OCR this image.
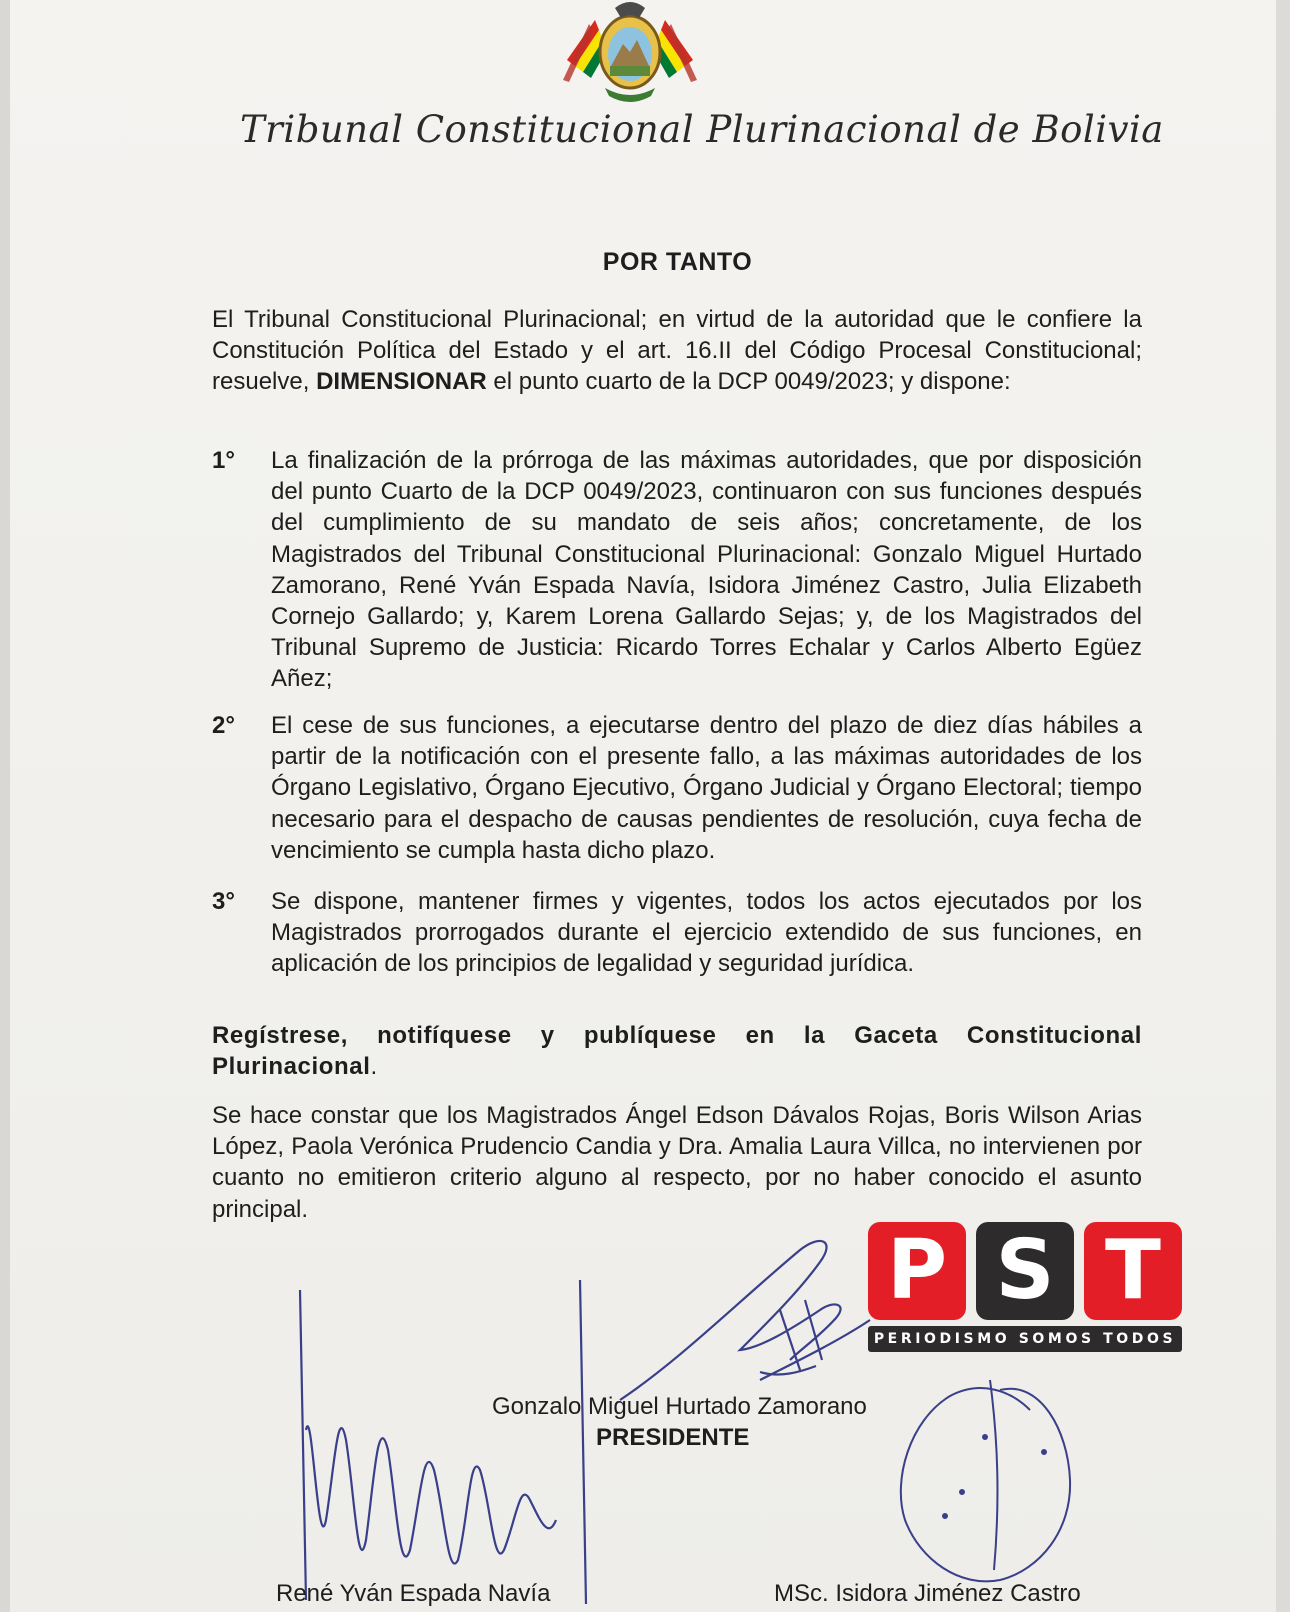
Tribunal Constitucional Plurinacional de Bolivia
POR TANTO
El Tribunal Constitucional Plurinacional; en virtud de la autoridad que le confiere la Constitución Política del Estado y el art. 16.II del Código Procesal Constitucional; resuelve, DIMENSIONAR el punto cuarto de la DCP 0049/2023; y dispone:
1°	La finalización de la prórroga de las máximas autoridades, que por disposición del punto Cuarto de la DCP 0049/2023, continuaron con sus funciones después del cumplimiento de su mandato de seis años; concretamente, de los Magistrados del Tribunal Constitucional Plurinacional: Gonzalo Miguel Hurtado Zamorano, René Yván Espada Navía, Isidora Jiménez Castro, Julia Elizabeth Cornejo Gallardo; y, Karem Lorena Gallardo Sejas; y, de los Magistrados del Tribunal Supremo de Justicia: Ricardo Torres Echalar y Carlos Alberto Egüez Añez;
2°	El cese de sus funciones, a ejecutarse dentro del plazo de diez días hábiles a partir de la notificación con el presente fallo, a las máximas autoridades de los Órgano Legislativo, Órgano Ejecutivo, Órgano Judicial y Órgano Electoral; tiempo necesario para el despacho de causas pendientes de resolución, cuya fecha de vencimiento se cumpla hasta dicho plazo.
3°	Se dispone, mantener firmes y vigentes, todos los actos ejecutados por los Magistrados prorrogados durante el ejercicio extendido de sus funciones, en aplicación de los principios de legalidad y seguridad jurídica.
Regístrese, notifíquese y publíquese en la Gaceta Constitucional Plurinacional.
Se hace constar que los Magistrados Ángel Edson Dávalos Rojas, Boris Wilson Arias López, Paola Verónica Prudencio Candia y Dra. Amalia Laura Villca, no intervienen por cuanto no emitieron criterio alguno al respecto, por no haber conocido el asunto principal.
Gonzalo Miguel Hurtado Zamorano
PRESIDENTE
René Yván Espada Navía	MSc. Isidora Jiménez Castro
P S T
PERIODISMO SOMOS TODOS
